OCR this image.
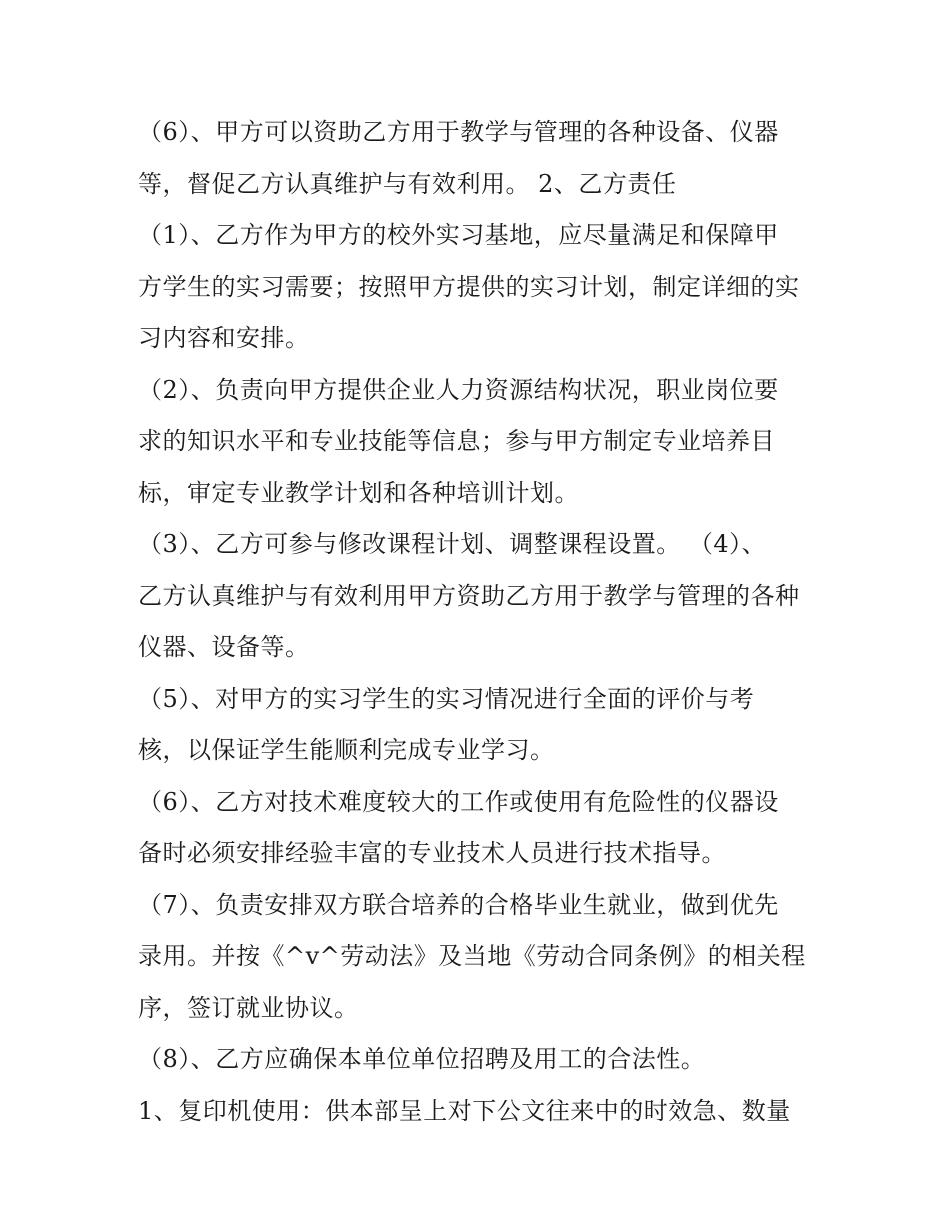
（6）、甲方可以资助乙方用于教学与管理的各种设备、仪器
等，督促乙方认真维护与有效利用。 2、乙方责任
（1）、乙方作为甲方的校外实习基地，应尽量满足和保障甲
方学生的实习需要；按照甲方提供的实习计划，制定详细的实
习内容和安排。
（2）、负责向甲方提供企业人力资源结构状况，职业岗位要
求的知识水平和专业技能等信息；参与甲方制定专业培养目
标，审定专业教学计划和各种培训计划。
（3）、乙方可参与修改课程计划、调整课程设置。 （4）、
乙方认真维护与有效利用甲方资助乙方用于教学与管理的各种
仪器、设备等。
（5）、对甲方的实习学生的实习情况进行全面的评价与考
核，以保证学生能顺利完成专业学习。
（6）、乙方对技术难度较大的工作或使用有危险性的仪器设
备时必须安排经验丰富的专业技术人员进行技术指导。
（7）、负责安排双方联合培养的合格毕业生就业，做到优先
录用。并按《^v^劳动法》及当地《劳动合同条例》的相关程
序，签订就业协议。
（8）、乙方应确保本单位单位招聘及用工的合法性。
1、复印机使用：供本部呈上对下公文往来中的时效急、数量
